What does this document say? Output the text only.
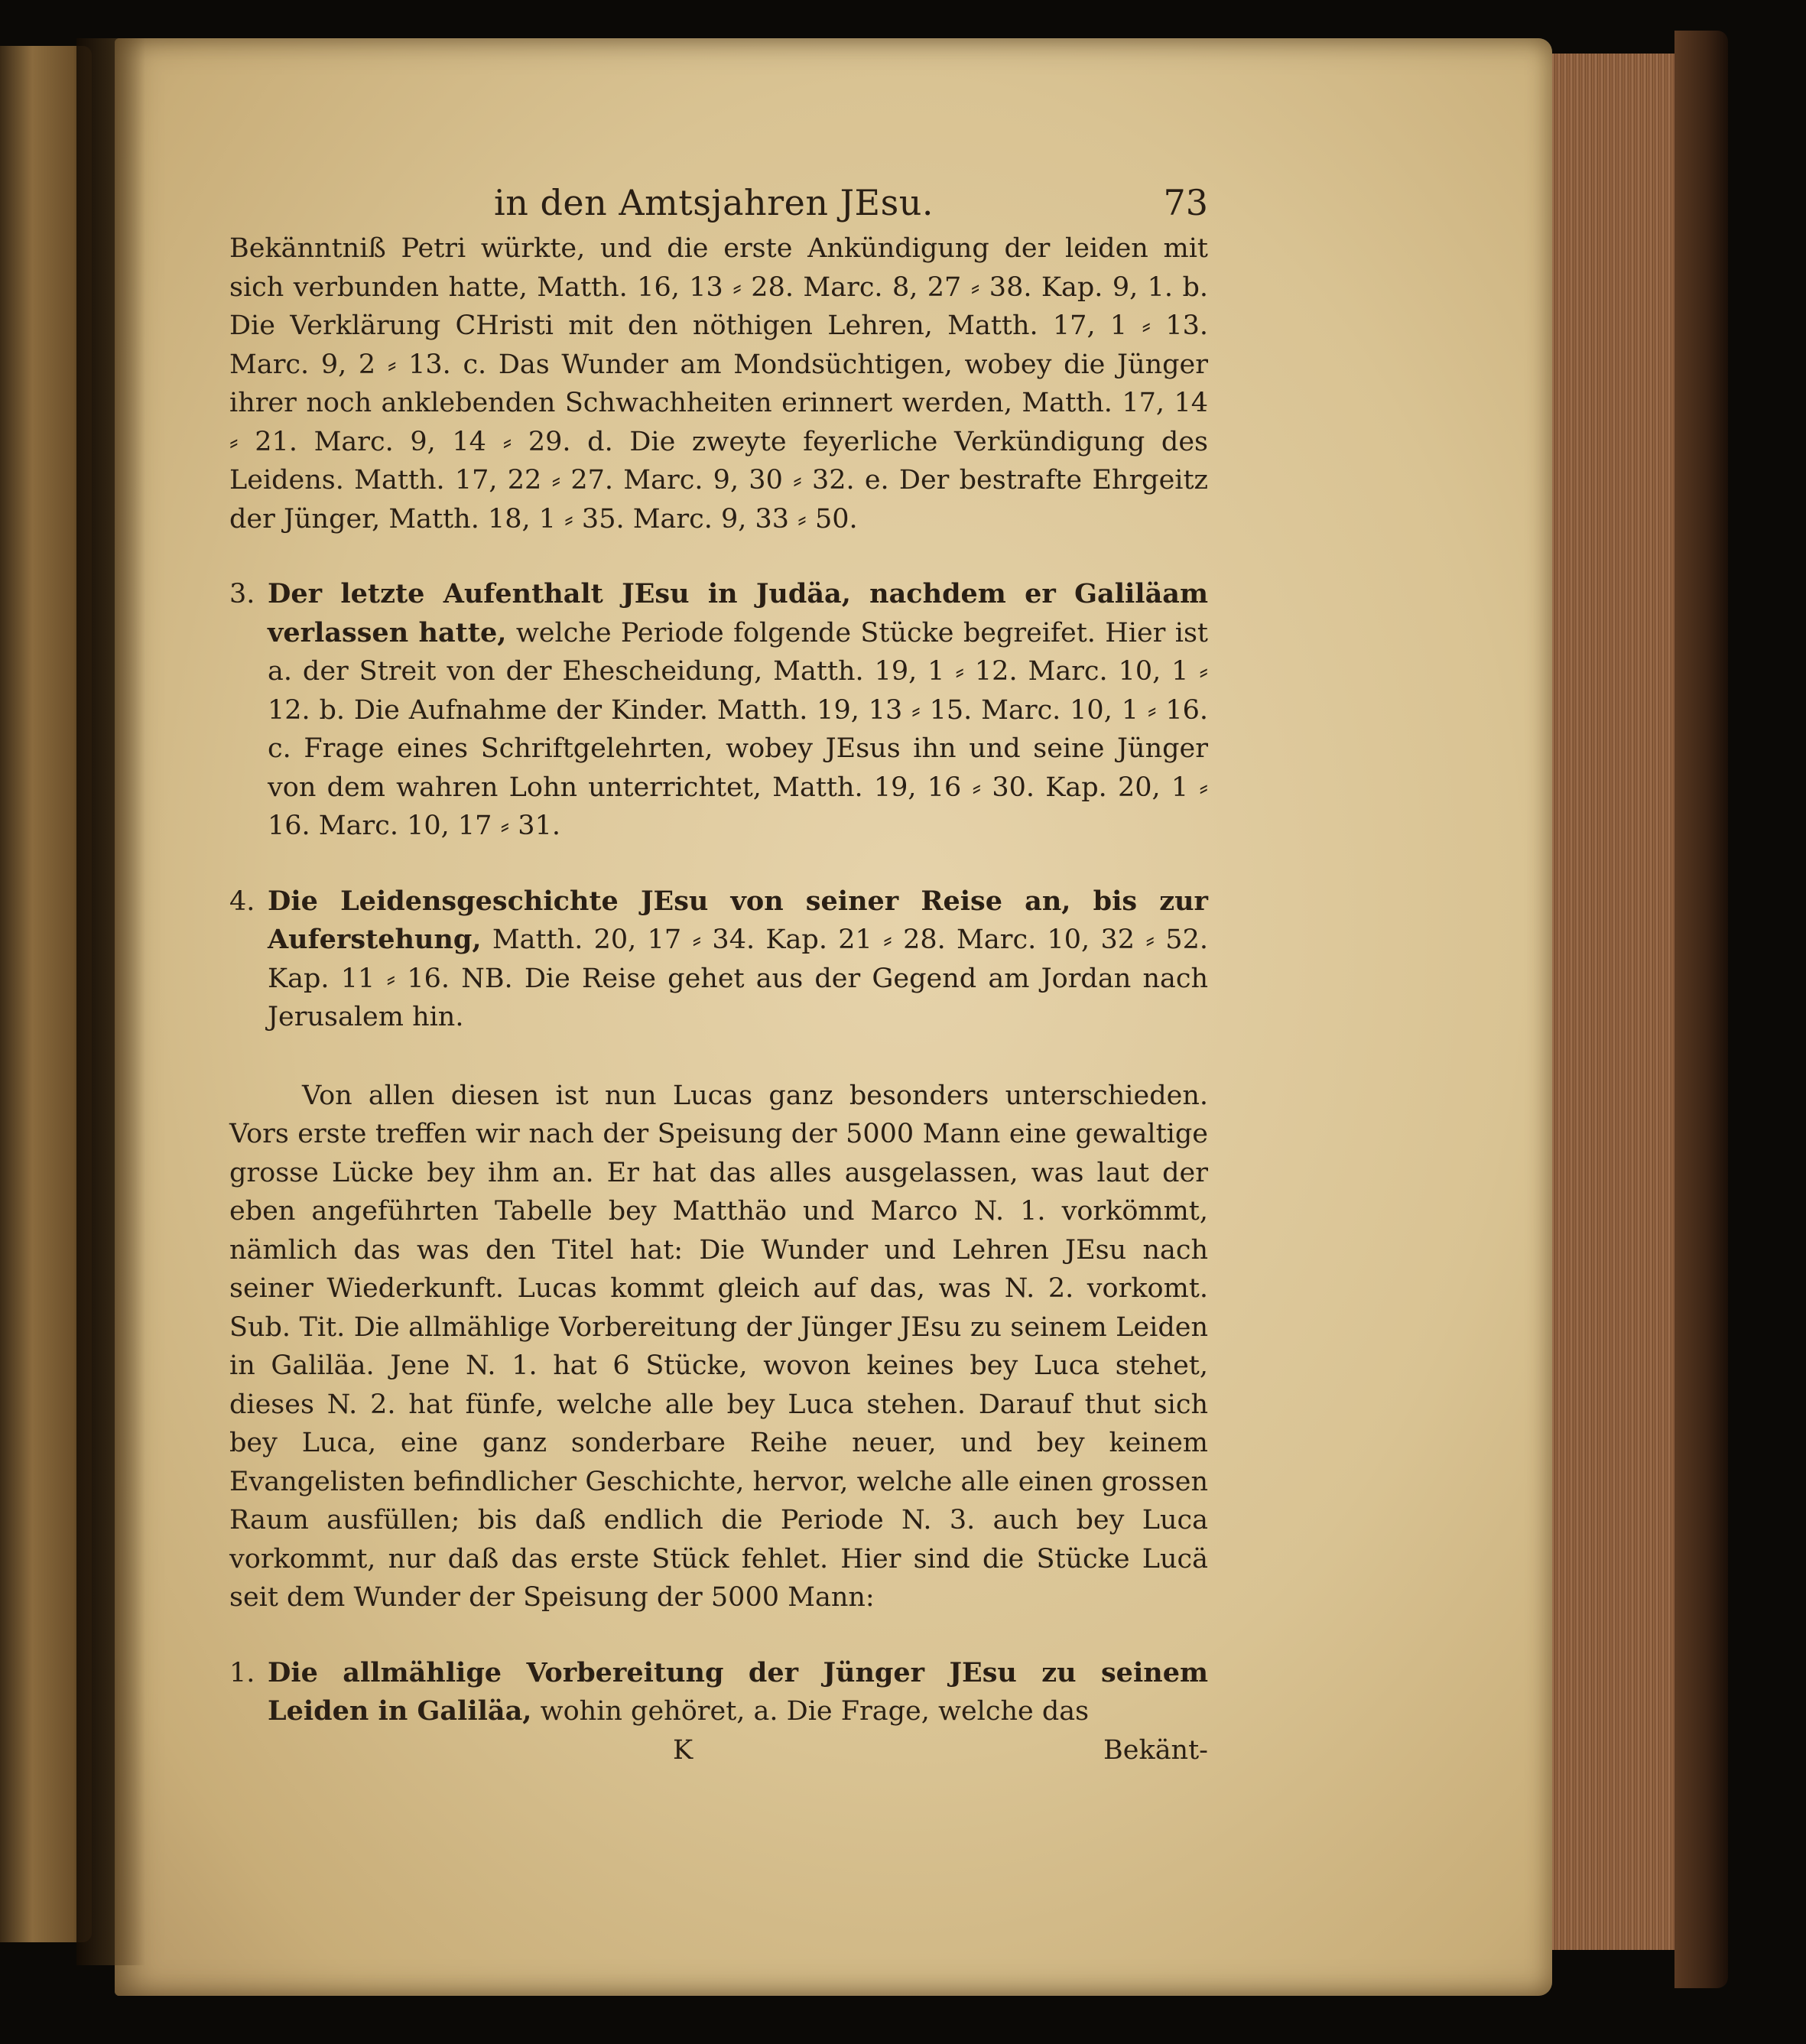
in den Amtsjahren JEsu.	73

Bekänntniß Petri würkte, und die erste Ankündigung der leiden mit sich verbunden hatte, Matth. 16, 13 ⸗ 28. Marc. 8, 27 ⸗ 38. Kap. 9, 1. b. Die Verklärung CHristi mit den nöthigen Lehren, Matth. 17, 1 ⸗ 13. Marc. 9, 2 ⸗ 13. c. Das Wunder am Mondsüchtigen, wobey die Jünger ihrer noch anklebenden Schwachheiten erinnert werden, Matth. 17, 14 ⸗ 21. Marc. 9, 14 ⸗ 29. d. Die zweyte feyerliche Verkündigung des Leidens. Matth. 17, 22 ⸗ 27. Marc. 9, 30 ⸗ 32. e. Der bestrafte Ehrgeitz der Jünger, Matth. 18, 1 ⸗ 35. Marc. 9, 33 ⸗ 50.

3. Der letzte Aufenthalt JEsu in Judäa, nachdem er Galiläam verlassen hatte, welche Periode folgende Stücke begreifet. Hier ist a. der Streit von der Ehescheidung, Matth. 19, 1 ⸗ 12. Marc. 10, 1 ⸗ 12. b. Die Aufnahme der Kinder. Matth. 19, 13 ⸗ 15. Marc. 10, 1 ⸗ 16. c. Frage eines Schriftgelehrten, wobey JEsus ihn und seine Jünger von dem wahren Lohn unterrichtet, Matth. 19, 16 ⸗ 30. Kap. 20, 1 ⸗ 16. Marc. 10, 17 ⸗ 31.
4. Die Leidensgeschichte JEsu von seiner Reise an, bis zur Auferstehung, Matth. 20, 17 ⸗ 34. Kap. 21 ⸗ 28. Marc. 10, 32 ⸗ 52. Kap. 11 ⸗ 16. NB. Die Reise gehet aus der Gegend am Jordan nach Jerusalem hin.

Von allen diesen ist nun Lucas ganz besonders unterschieden. Vors erste treffen wir nach der Speisung der 5000 Mann eine gewaltige grosse Lücke bey ihm an. Er hat das alles ausgelassen, was laut der eben angeführten Tabelle bey Matthäo und Marco N. 1. vorkömmt, nämlich das was den Titel hat: Die Wunder und Lehren JEsu nach seiner Wiederkunft. Lucas kommt gleich auf das, was N. 2. vorkomt. Sub. Tit. Die allmählige Vorbereitung der Jünger JEsu zu seinem Leiden in Galiläa. Jene N. 1. hat 6 Stücke, wovon keines bey Luca stehet, dieses N. 2. hat fünfe, welche alle bey Luca stehen. Darauf thut sich bey Luca, eine ganz sonderbare Reihe neuer, und bey keinem Evangelisten befindlicher Geschichte, hervor, welche alle einen grossen Raum ausfüllen; bis daß endlich die Periode N. 3. auch bey Luca vorkommt, nur daß das erste Stück fehlet. Hier sind die Stücke Lucä seit dem Wunder der Speisung der 5000 Mann:

1. Die allmählige Vorbereitung der Jünger JEsu zu seinem Leiden in Galiläa, wohin gehöret, a. Die Frage, welche das
K	Bekänt-
